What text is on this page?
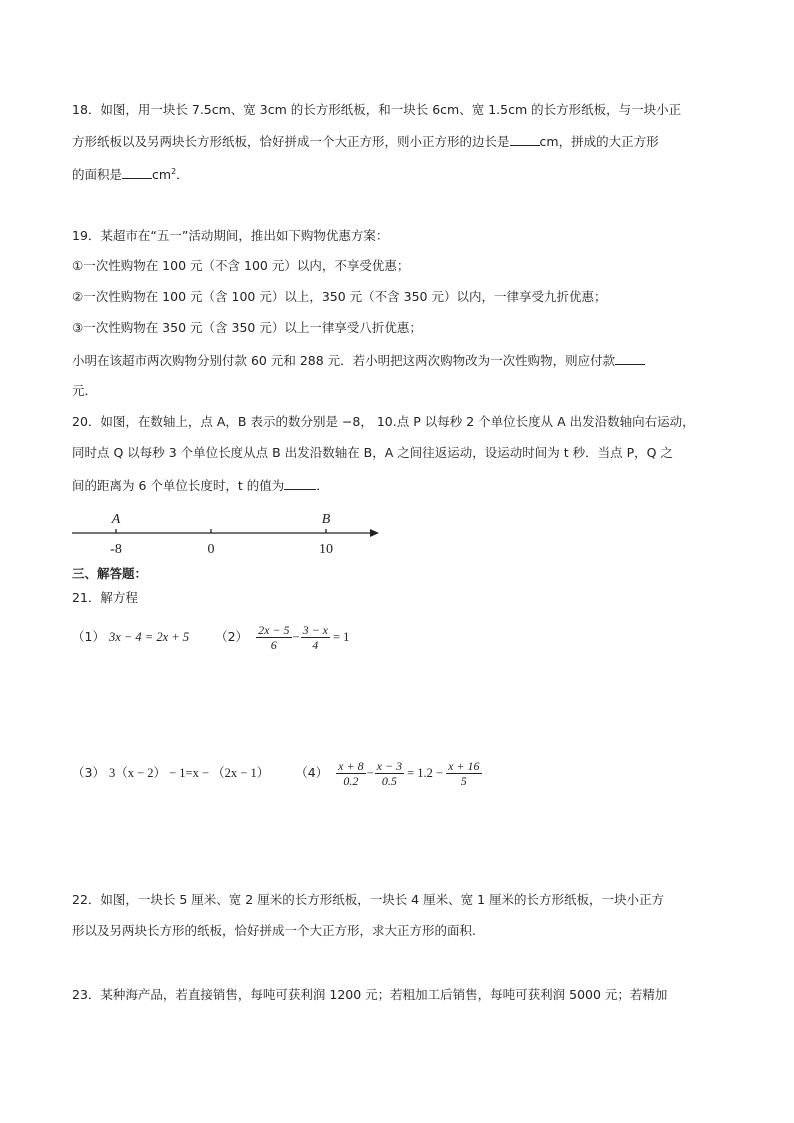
18．如图，用一块长 7.5cm、宽 3cm 的长方形纸板，和一块长 6cm、宽 1.5cm 的长方形纸板，与一块小正
方形纸板以及另两块长方形纸板，恰好拼成一个大正方形，则小正方形的边长是 cm，拼成的大正方形
的面积是 $cm^2$．
19．某超市在“五一”活动期间，推出如下购物优惠方案：
①一次性购物在 100 元（不含 100 元）以内，不享受优惠；
②一次性购物在 100 元（含 100 元）以上，350 元（不含 350 元）以内，一律享受九折优惠；
③一次性购物在 350 元（含 350 元）以上一律享受八折优惠；
小明在该超市两次购物分别付款 60 元和 288 元．若小明把这两次购物改为一次性购物，则应付款
元．
20．如图，在数轴上，点 A，B 表示的数分别是 −8， 10.点 P 以每秒 2 个单位长度从 A 出发沿数轴向右运动，
同时点 Q 以每秒 3 个单位长度从点 B 出发沿数轴在 B，A 之间往返运动，设运动时间为 t 秒．当点 P，Q 之
间的距离为 6 个单位长度时，t 的值为	．
A	B
-8	0	10
三、解答题：
21．解方程
（1） 3x − 4 = 2x + 5 $(2) \frac{2x - 5}{6} - \frac{3 - x}{4} = 1$
（3） 3（x − 2） − 1=x − （2x − 1） $(4) \frac{x + 8}{0.2} - \frac{x - 3}{0.5} = 1.2 - \frac{x + 16}{5}$
22．如图，一块长 5 厘米、宽 2 厘米的长方形纸板，一块长 4 厘米、宽 1 厘米的长方形纸板，一块小正方
形以及另两块长方形的纸板，恰好拼成一个大正方形，求大正方形的面积.
23．某种海产品，若直接销售，每吨可获利润 1200 元；若粗加工后销售，每吨可获利润 5000 元；若精加
